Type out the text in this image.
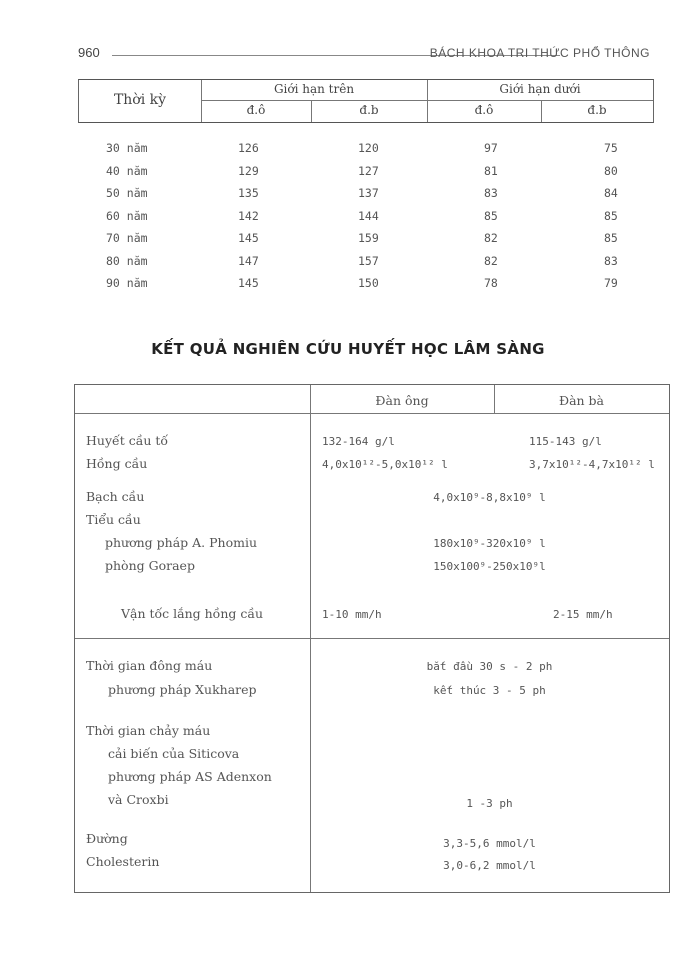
960	BÁCH KHOA TRI THỨC PHỔ THÔNG
Thời kỳ
Giới hạn trên	Giới hạn dưới
đ.ô	đ.b	đ.ô	đ.b
30 năm	126	120	97	75
40 năm	129	127	81	80
50 năm	135	137	83	84
60 năm	142	144	85	85
70 năm	145	159	82	85
80 năm	147	157	82	83
90 năm	145	150	78	79
KẾT QUẢ NGHIÊN CỨU HUYẾT HỌC LÂM SÀNG
Đàn ông	Đàn bà
Huyết cầu tố	132-164 g/l	115-143 g/l
Hồng cầu	4,0x10¹²-5,0x10¹² l	3,7x10¹²-4,7x10¹² l
Bạch cầu	4,0x10⁹-8,8x10⁹ l
Tiểu cầu
phương pháp A. Phomiu	180x10⁹-320x10⁹ l
phòng Goraep	150x100⁹-250x10⁹l
Vận tốc lắng hồng cầu	1-10 mm/h	2-15 mm/h
Thời gian đông máu	bắt đầu 30 s - 2 ph
phương pháp Xukharep	kết thúc 3 - 5 ph
Thời gian chảy máu
cải biến của Siticova
phương pháp AS Adenxon
và Croxbi	1 -3 ph
Đường	3,3-5,6 mmol/l
Cholesterin	3,0-6,2 mmol/l
